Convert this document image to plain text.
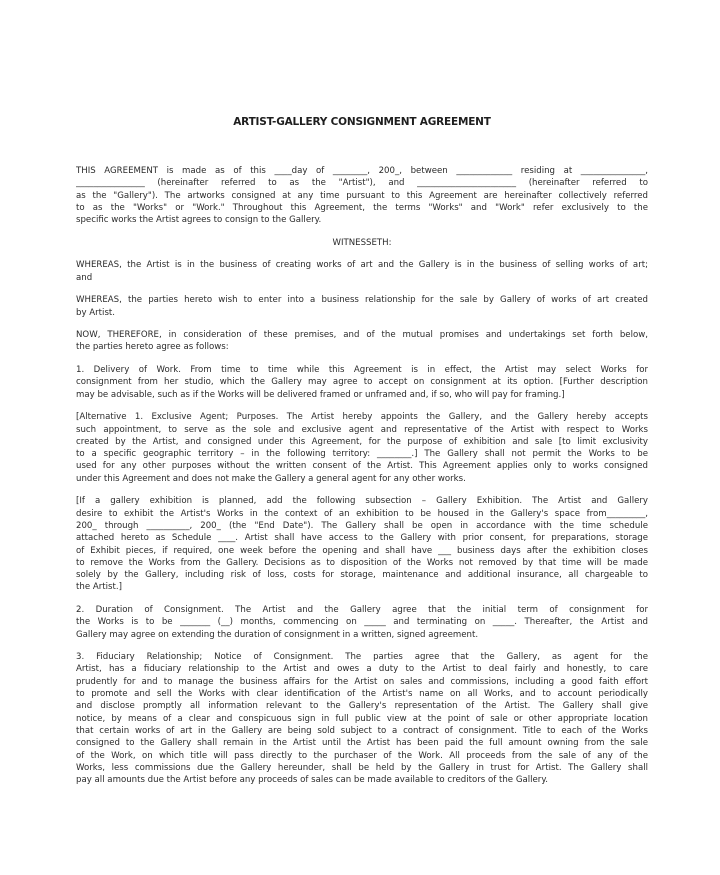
ARTIST-GALLERY CONSIGNMENT AGREEMENT
THIS AGREEMENT is made as of this ____day of ________, 200_, between _____________ residing at _______________,
________________ (hereinafter referred to as the "Artist"), and _______________________ (hereinafter referred to
as the "Gallery"). The artworks consigned at any time pursuant to this Agreement are hereinafter collectively referred
to as the "Works" or "Work." Throughout this Agreement, the terms "Works" and "Work" refer exclusively to the
specific works the Artist agrees to consign to the Gallery.
WITNESSETH:
WHEREAS, the Artist is in the business of creating works of art and the Gallery is in the business of selling works of art;
and
WHEREAS, the parties hereto wish to enter into a business relationship for the sale by Gallery of works of art created
by Artist.
NOW, THEREFORE, in consideration of these premises, and of the mutual promises and undertakings set forth below,
the parties hereto agree as follows:
1. Delivery of Work. From time to time while this Agreement is in effect, the Artist may select Works for
consignment from her studio, which the Gallery may agree to accept on consignment at its option. [Further description
may be advisable, such as if the Works will be delivered framed or unframed and, if so, who will pay for framing.]
[Alternative 1. Exclusive Agent; Purposes. The Artist hereby appoints the Gallery, and the Gallery hereby accepts
such appointment, to serve as the sole and exclusive agent and representative of the Artist with respect to Works
created by the Artist, and consigned under this Agreement, for the purpose of exhibition and sale [to limit exclusivity
to a specific geographic territory – in the following territory: ________.] The Gallery shall not permit the Works to be
used for any other purposes without the written consent of the Artist. This Agreement applies only to works consigned
under this Agreement and does not make the Gallery a general agent for any other works.
[If a gallery exhibition is planned, add the following subsection – Gallery Exhibition. The Artist and Gallery
desire to exhibit the Artist's Works in the context of an exhibition to be housed in the Gallery's space from_________,
200_ through __________, 200_ (the "End Date"). The Gallery shall be open in accordance with the time schedule
attached hereto as Schedule ____. Artist shall have access to the Gallery with prior consent, for preparations, storage
of Exhibit pieces, if required, one week before the opening and shall have ___ business days after the exhibition closes
to remove the Works from the Gallery. Decisions as to disposition of the Works not removed by that time will be made
solely by the Gallery, including risk of loss, costs for storage, maintenance and additional insurance, all chargeable to
the Artist.]
2. Duration of Consignment. The Artist and the Gallery agree that the initial term of consignment for
the Works is to be _______ (__) months, commencing on _____ and terminating on _____. Thereafter, the Artist and
Gallery may agree on extending the duration of consignment in a written, signed agreement.
3. Fiduciary Relationship; Notice of Consignment. The parties agree that the Gallery, as agent for the
Artist, has a fiduciary relationship to the Artist and owes a duty to the Artist to deal fairly and honestly, to care
prudently for and to manage the business affairs for the Artist on sales and commissions, including a good faith effort
to promote and sell the Works with clear identification of the Artist's name on all Works, and to account periodically
and disclose promptly all information relevant to the Gallery's representation of the Artist. The Gallery shall give
notice, by means of a clear and conspicuous sign in full public view at the point of sale or other appropriate location
that certain works of art in the Gallery are being sold subject to a contract of consignment. Title to each of the Works
consigned to the Gallery shall remain in the Artist until the Artist has been paid the full amount owning from the sale
of the Work, on which title will pass directly to the purchaser of the Work. All proceeds from the sale of any of the
Works, less commissions due the Gallery hereunder, shall be held by the Gallery in trust for Artist. The Gallery shall
pay all amounts due the Artist before any proceeds of sales can be made available to creditors of the Gallery.
